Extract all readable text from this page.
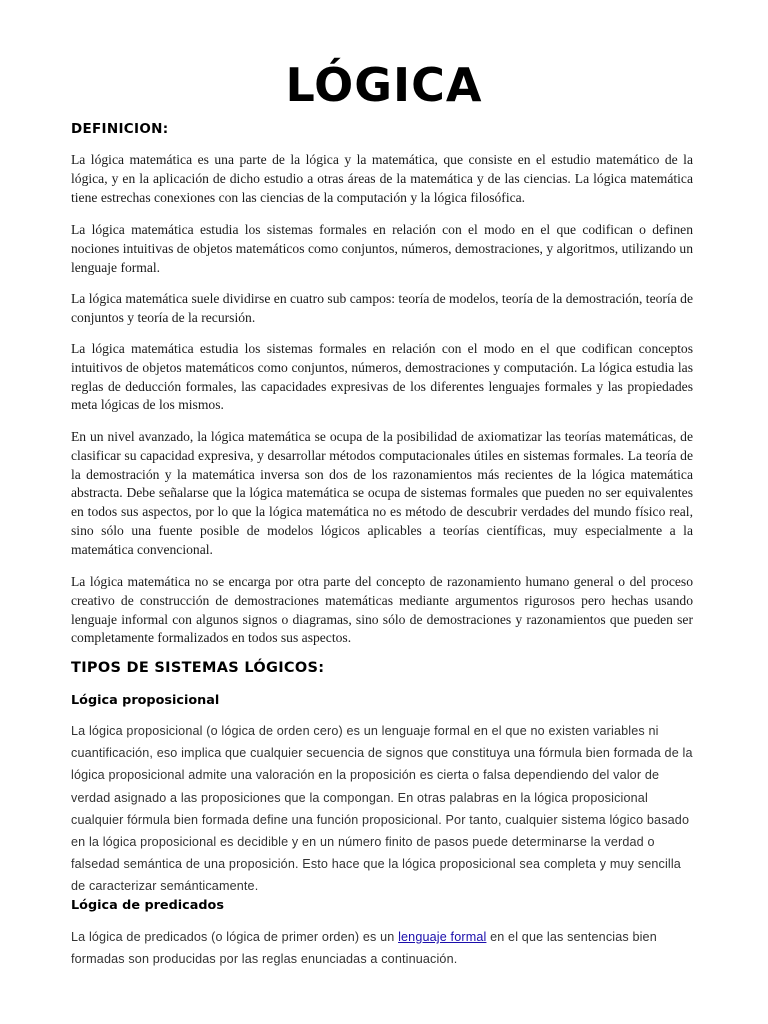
LÓGICA
DEFINICION:

La lógica matemática es una parte de la lógica y la matemática, que consiste en el estudio matemático de la lógica, y en la aplicación de dicho estudio a otras áreas de la matemática y de las ciencias. La lógica matemática tiene estrechas conexiones con las ciencias de la computación y la lógica filosófica.

La lógica matemática estudia los sistemas formales en relación con el modo en el que codifican o definen nociones intuitivas de objetos matemáticos como conjuntos, números, demostraciones, y algoritmos, utilizando un lenguaje formal.

La lógica matemática suele dividirse en cuatro sub campos: teoría de modelos, teoría de la demostración, teoría de conjuntos y teoría de la recursión.

La lógica matemática estudia los sistemas formales en relación con el modo en el que codifican conceptos intuitivos de objetos matemáticos como conjuntos, números, demostraciones y computación. La lógica estudia las reglas de deducción formales, las capacidades expresivas de los diferentes lenguajes formales y las propiedades meta lógicas de los mismos.

En un nivel avanzado, la lógica matemática se ocupa de la posibilidad de axiomatizar las teorías matemáticas, de clasificar su capacidad expresiva, y desarrollar métodos computacionales útiles en sistemas formales. La teoría de la demostración y la matemática inversa son dos de los razonamientos más recientes de la lógica matemática abstracta. Debe señalarse que la lógica matemática se ocupa de sistemas formales que pueden no ser equivalentes en todos sus aspectos, por lo que la lógica matemática no es método de descubrir verdades del mundo físico real, sino sólo una fuente posible de modelos lógicos aplicables a teorías científicas, muy especialmente a la matemática convencional.

La lógica matemática no se encarga por otra parte del concepto de razonamiento humano general o del proceso creativo de construcción de demostraciones matemáticas mediante argumentos rigurosos pero hechas usando lenguaje informal con algunos signos o diagramas, sino sólo de demostraciones y razonamientos que pueden ser completamente formalizados en todos sus aspectos.

TIPOS DE SISTEMAS LÓGICOS:
Lógica proposicional

La lógica proposicional (o lógica de orden cero) es un lenguaje formal en el que no existen variables ni cuantificación, eso implica que cualquier secuencia de signos que constituya una fórmula bien formada de la lógica proposicional admite una valoración en la proposición es cierta o falsa dependiendo del valor de verdad asignado a las proposiciones que la compongan. En otras palabras en la lógica proposicional cualquier fórmula bien formada define una función proposicional. Por tanto, cualquier sistema lógico basado en la lógica proposicional es decidible y en un número finito de pasos puede determinarse la verdad o falsedad semántica de una proposición. Esto hace que la lógica proposicional sea completa y muy sencilla de caracterizar semánticamente.

Lógica de predicados

La lógica de predicados (o lógica de primer orden) es un lenguaje formal en el que las sentencias bien formadas son producidas por las reglas enunciadas a continuación.
